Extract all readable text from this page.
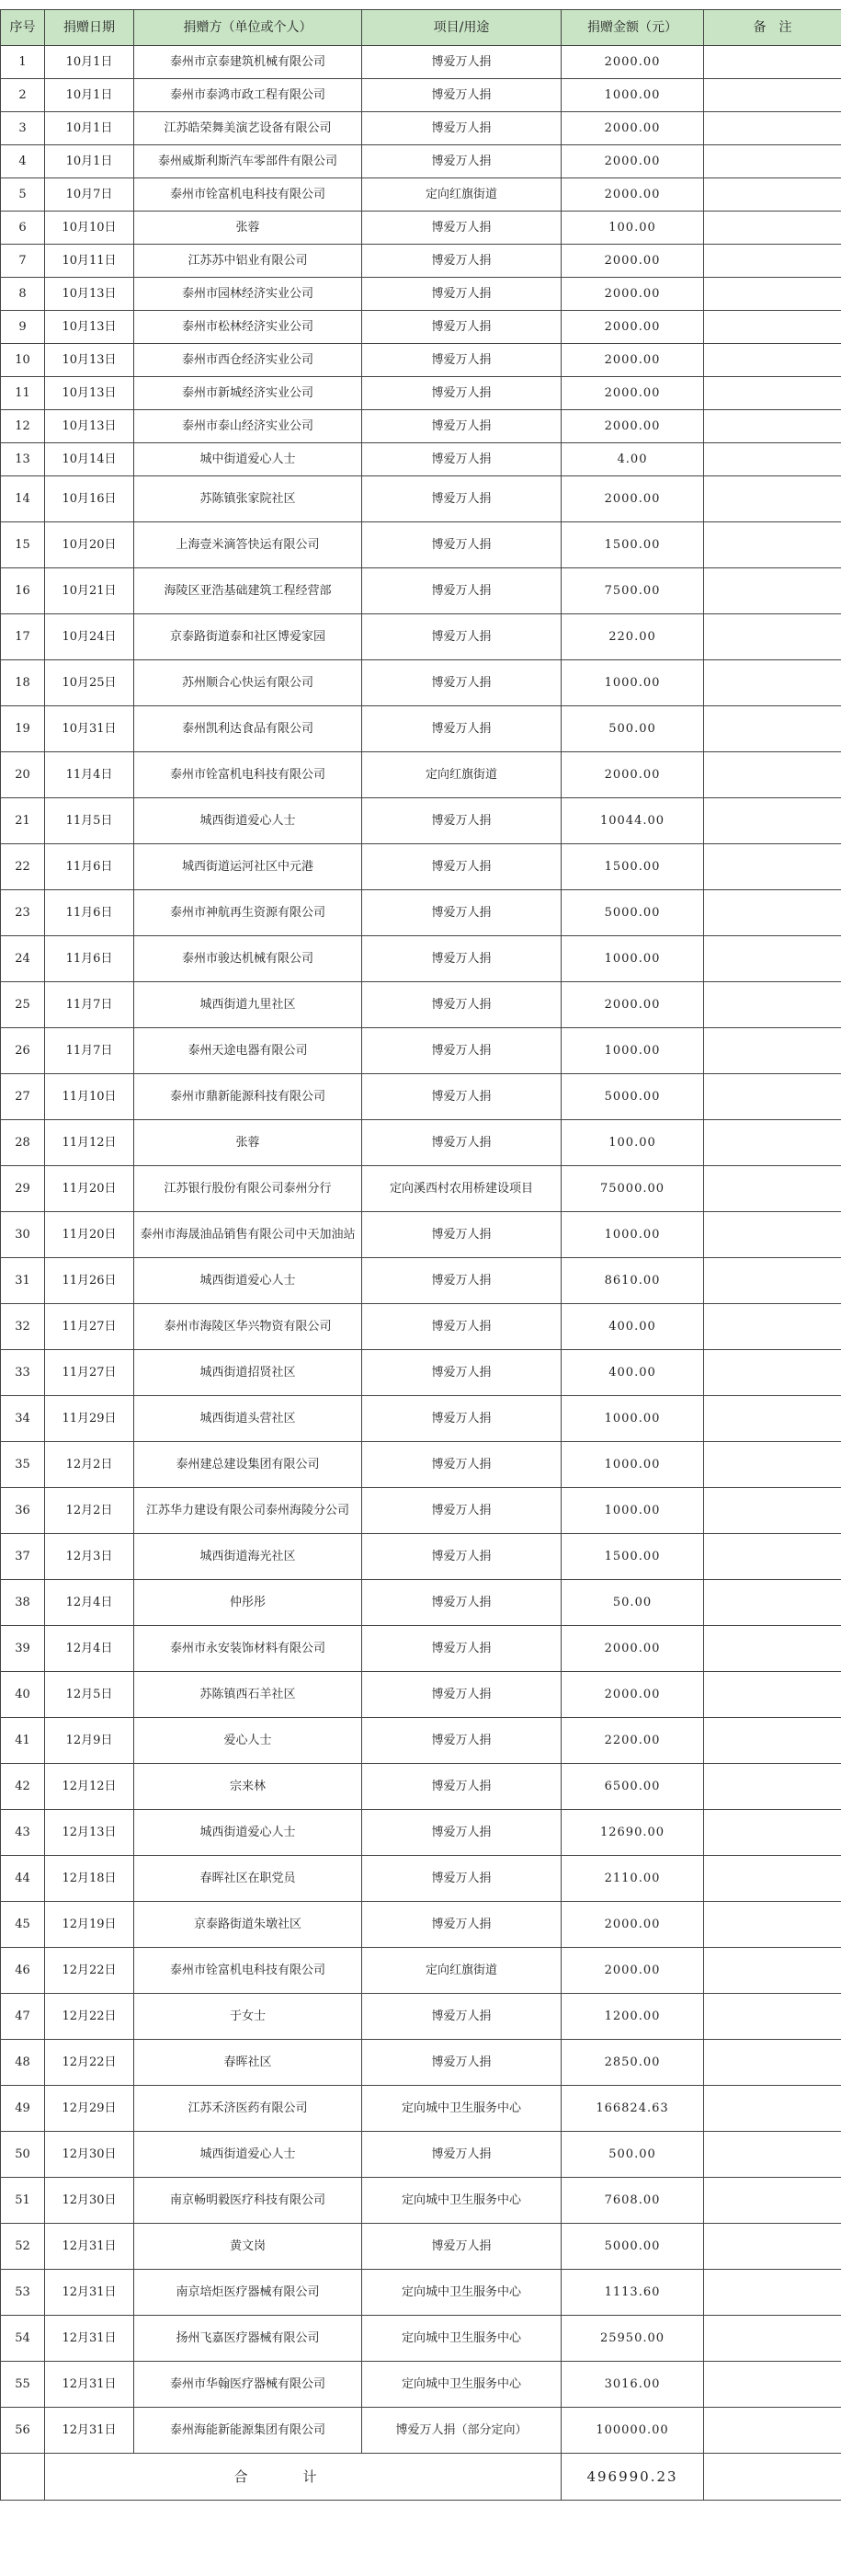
序号	捐赠日期	捐赠方（单位或个人）	项目/用途	捐赠金额（元）	备　注
1	10月1日	泰州市京泰建筑机械有限公司	博爱万人捐	2000.00	
2	10月1日	泰州市泰鸿市政工程有限公司	博爱万人捐	1000.00	
3	10月1日	江苏皓荣舞美演艺设备有限公司	博爱万人捐	2000.00	
4	10月1日	泰州威斯利斯汽车零部件有限公司	博爱万人捐	2000.00	
5	10月7日	泰州市铨富机电科技有限公司	定向红旗街道	2000.00	
6	10月10日	张蓉	博爱万人捐	100.00	
7	10月11日	江苏苏中铝业有限公司	博爱万人捐	2000.00	
8	10月13日	泰州市园林经济实业公司	博爱万人捐	2000.00	
9	10月13日	泰州市松林经济实业公司	博爱万人捐	2000.00	
10	10月13日	泰州市西仓经济实业公司	博爱万人捐	2000.00	
11	10月13日	泰州市新城经济实业公司	博爱万人捐	2000.00	
12	10月13日	泰州市泰山经济实业公司	博爱万人捐	2000.00	
13	10月14日	城中街道爱心人士	博爱万人捐	4.00	
14	10月16日	苏陈镇张家院社区	博爱万人捐	2000.00	
15	10月20日	上海壹米滴答快运有限公司	博爱万人捐	1500.00	
16	10月21日	海陵区亚浩基础建筑工程经营部	博爱万人捐	7500.00	
17	10月24日	京泰路街道泰和社区博爱家园	博爱万人捐	220.00	
18	10月25日	苏州顺合心快运有限公司	博爱万人捐	1000.00	
19	10月31日	泰州凯利达食品有限公司	博爱万人捐	500.00	
20	11月4日	泰州市铨富机电科技有限公司	定向红旗街道	2000.00	
21	11月5日	城西街道爱心人士	博爱万人捐	10044.00	
22	11月6日	城西街道运河社区中元港	博爱万人捐	1500.00	
23	11月6日	泰州市神航再生资源有限公司	博爱万人捐	5000.00	
24	11月6日	泰州市骏达机械有限公司	博爱万人捐	1000.00	
25	11月7日	城西街道九里社区	博爱万人捐	2000.00	
26	11月7日	泰州天途电器有限公司	博爱万人捐	1000.00	
27	11月10日	泰州市鼎新能源科技有限公司	博爱万人捐	5000.00	
28	11月12日	张蓉	博爱万人捐	100.00	
29	11月20日	江苏银行股份有限公司泰州分行	定向溪西村农用桥建设项目	75000.00	
30	11月20日	泰州市海晟油品销售有限公司中天加油站	博爱万人捐	1000.00	
31	11月26日	城西街道爱心人士	博爱万人捐	8610.00	
32	11月27日	泰州市海陵区华兴物资有限公司	博爱万人捐	400.00	
33	11月27日	城西街道招贤社区	博爱万人捐	400.00	
34	11月29日	城西街道头营社区	博爱万人捐	1000.00	
35	12月2日	泰州建总建设集团有限公司	博爱万人捐	1000.00	
36	12月2日	江苏华力建设有限公司泰州海陵分公司	博爱万人捐	1000.00	
37	12月3日	城西街道海光社区	博爱万人捐	1500.00	
38	12月4日	仲彤彤	博爱万人捐	50.00	
39	12月4日	泰州市永安装饰材料有限公司	博爱万人捐	2000.00	
40	12月5日	苏陈镇西石羊社区	博爱万人捐	2000.00	
41	12月9日	爱心人士	博爱万人捐	2200.00	
42	12月12日	宗来林	博爱万人捐	6500.00	
43	12月13日	城西街道爱心人士	博爱万人捐	12690.00	
44	12月18日	春晖社区在职党员	博爱万人捐	2110.00	
45	12月19日	京泰路街道朱墩社区	博爱万人捐	2000.00	
46	12月22日	泰州市铨富机电科技有限公司	定向红旗街道	2000.00	
47	12月22日	于女士	博爱万人捐	1200.00	
48	12月22日	春晖社区	博爱万人捐	2850.00	
49	12月29日	江苏禾济医药有限公司	定向城中卫生服务中心	166824.63	
50	12月30日	城西街道爱心人士	博爱万人捐	500.00	
51	12月30日	南京畅明毅医疗科技有限公司	定向城中卫生服务中心	7608.00	
52	12月31日	黄文岗	博爱万人捐	5000.00	
53	12月31日	南京培炬医疗器械有限公司	定向城中卫生服务中心	1113.60	
54	12月31日	扬州飞嘉医疗器械有限公司	定向城中卫生服务中心	25950.00	
55	12月31日	泰州市华翰医疗器械有限公司	定向城中卫生服务中心	3016.00	
56	12月31日	泰州海能新能源集团有限公司	博爱万人捐（部分定向）	100000.00	
	合计			496990.23	
